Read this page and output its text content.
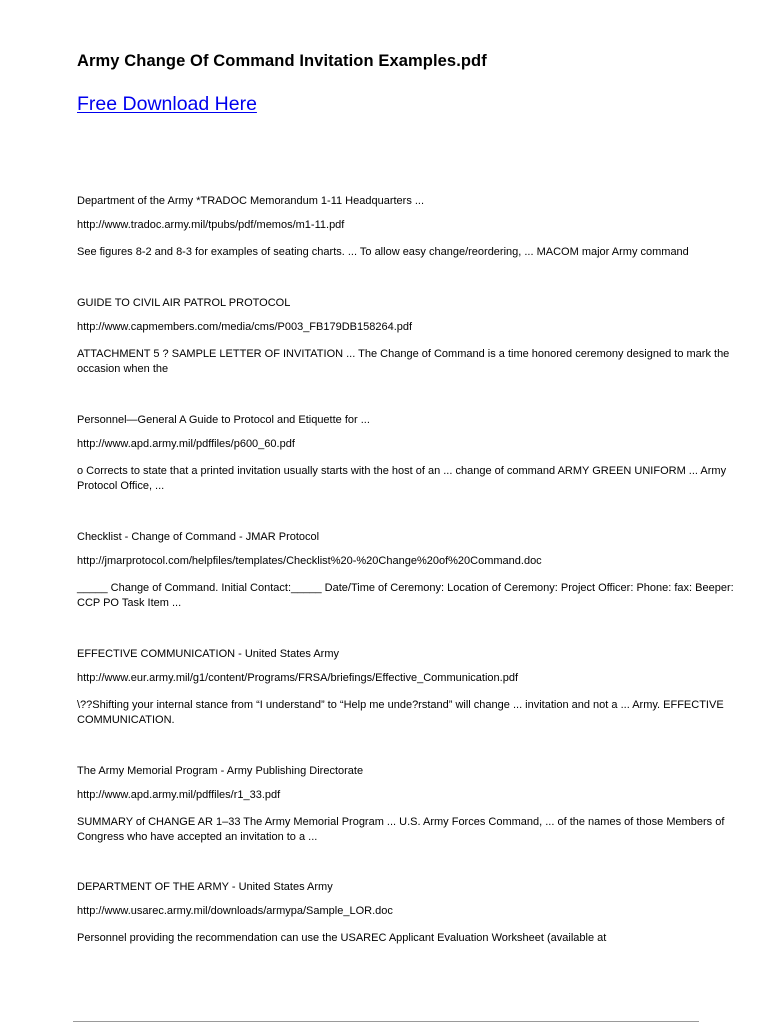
Army Change Of Command Invitation Examples.pdf
Free Download Here
Department of the Army *TRADOC Memorandum 1-11 Headquarters ...
http://www.tradoc.army.mil/tpubs/pdf/memos/m1-11.pdf
See figures 8-2 and 8-3 for examples of seating charts. ... To allow easy change/reordering, ... MACOM major Army command
GUIDE TO CIVIL AIR PATROL PROTOCOL
http://www.capmembers.com/media/cms/P003_FB179DB158264.pdf
ATTACHMENT 5 ? SAMPLE LETTER OF INVITATION ... The Change of Command is a time honored ceremony designed to mark the occasion when the
Personnel—General A Guide to Protocol and Etiquette for ...
http://www.apd.army.mil/pdffiles/p600_60.pdf
o Corrects to state that a printed invitation usually starts with the host of an ... change of command ARMY GREEN UNIFORM ... Army Protocol Office, ...
Checklist - Change of Command - JMAR Protocol
http://jmarprotocol.com/helpfiles/templates/Checklist%20-%20Change%20of%20Command.doc
_____ Change of Command. Initial Contact:_____ Date/Time of Ceremony: Location of Ceremony: Project Officer: Phone: fax: Beeper: CCP PO Task Item ...
EFFECTIVE COMMUNICATION - United States Army
http://www.eur.army.mil/g1/content/Programs/FRSA/briefings/Effective_Communication.pdf
\??Shifting your internal stance from “I understand” to “Help me unde?rstand” will change ... invitation and not a ... Army. EFFECTIVE COMMUNICATION.
The Army Memorial Program - Army Publishing Directorate
http://www.apd.army.mil/pdffiles/r1_33.pdf
SUMMARY of CHANGE AR 1–33 The Army Memorial Program ... U.S. Army Forces Command, ... of the names of those Members of Congress who have accepted an invitation to a ...
DEPARTMENT OF THE ARMY - United States Army
http://www.usarec.army.mil/downloads/armypa/Sample_LOR.doc
Personnel providing the recommendation can use the USAREC Applicant Evaluation Worksheet (available at
